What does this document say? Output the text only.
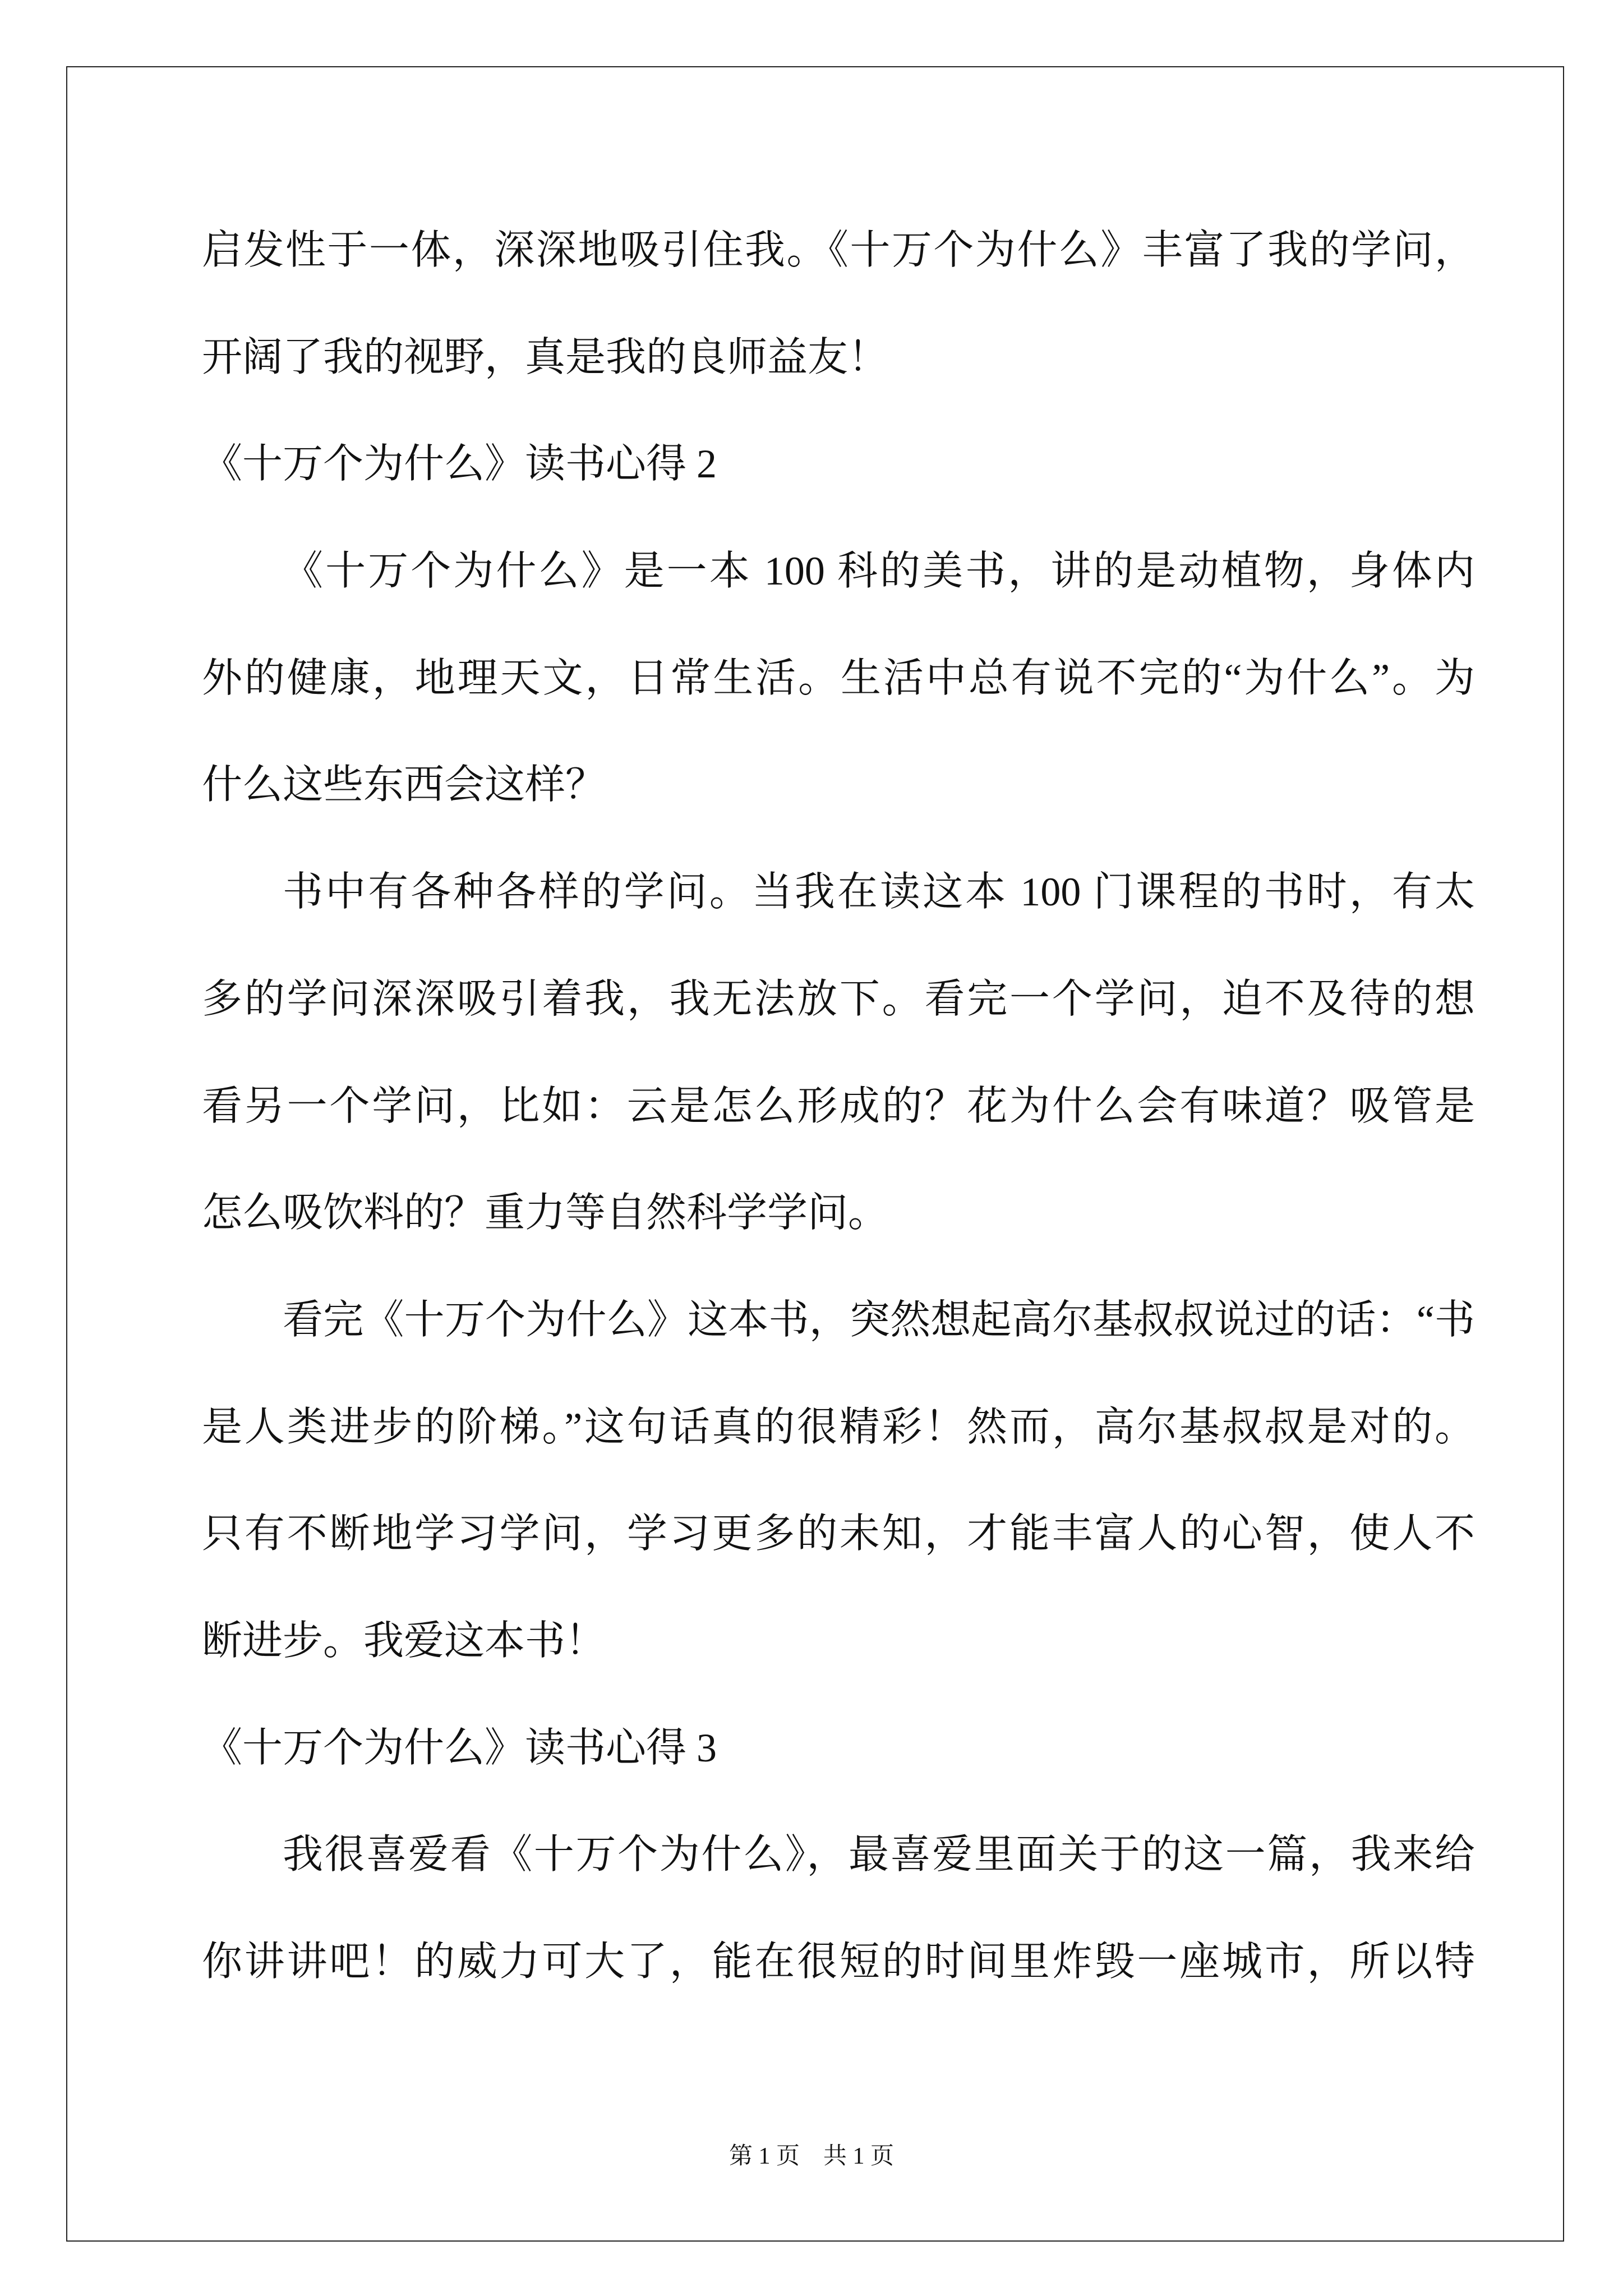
启发性于一体，深深地吸引住我。《十万个为什么》丰富了我的学问，
开阔了我的视野，真是我的良师益友！
《十万个为什么》读书心得 2
《十万个为什么》是一本 100 科的美书，讲的是动植物，身体内
外的健康，地理天文，日常生活。生活中总有说不完的“为什么”。为
什么这些东西会这样？
书中有各种各样的学问。当我在读这本 100 门课程的书时，有太
多的学问深深吸引着我，我无法放下。看完一个学问，迫不及待的想
看另一个学问，比如：云是怎么形成的？花为什么会有味道？吸管是
怎么吸饮料的？重力等自然科学学问。
看完《十万个为什么》这本书，突然想起高尔基叔叔说过的话：“书
是人类进步的阶梯。”这句话真的很精彩！然而，高尔基叔叔是对的。
只有不断地学习学问，学习更多的未知，才能丰富人的心智，使人不
断进步。我爱这本书！
《十万个为什么》读书心得 3
我很喜爱看《十万个为什么》，最喜爱里面关于的这一篇，我来给
你讲讲吧！的威力可大了，能在很短的时间里炸毁一座城市，所以特
第 1 页　共 1 页
